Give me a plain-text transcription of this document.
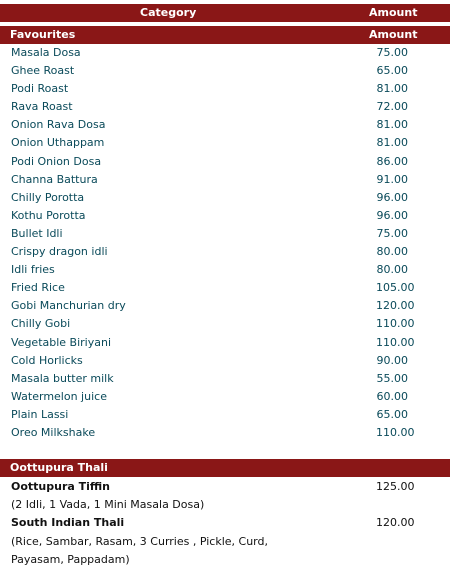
Category	Amount
Favourites	Amount
Masala Dosa	75.00
Ghee Roast	65.00
Podi Roast	81.00
Rava Roast	72.00
Onion Rava Dosa	81.00
Onion Uthappam	81.00
Podi Onion Dosa	86.00
Channa Battura	91.00
Chilly Porotta	96.00
Kothu Porotta	96.00
Bullet Idli	75.00
Crispy dragon idli	80.00
Idli fries	80.00
Fried Rice	105.00
Gobi Manchurian dry	120.00
Chilly Gobi	110.00
Vegetable Biriyani	110.00
Cold Horlicks	90.00
Masala butter milk	55.00
Watermelon juice	60.00
Plain Lassi	65.00
Oreo Milkshake	110.00
Oottupura Thali
Oottupura Tiffin	125.00
(2 Idli, 1 Vada, 1 Mini Masala Dosa)
South Indian Thali	120.00
(Rice, Sambar, Rasam, 3 Curries , Pickle, Curd,
Payasam, Pappadam)
